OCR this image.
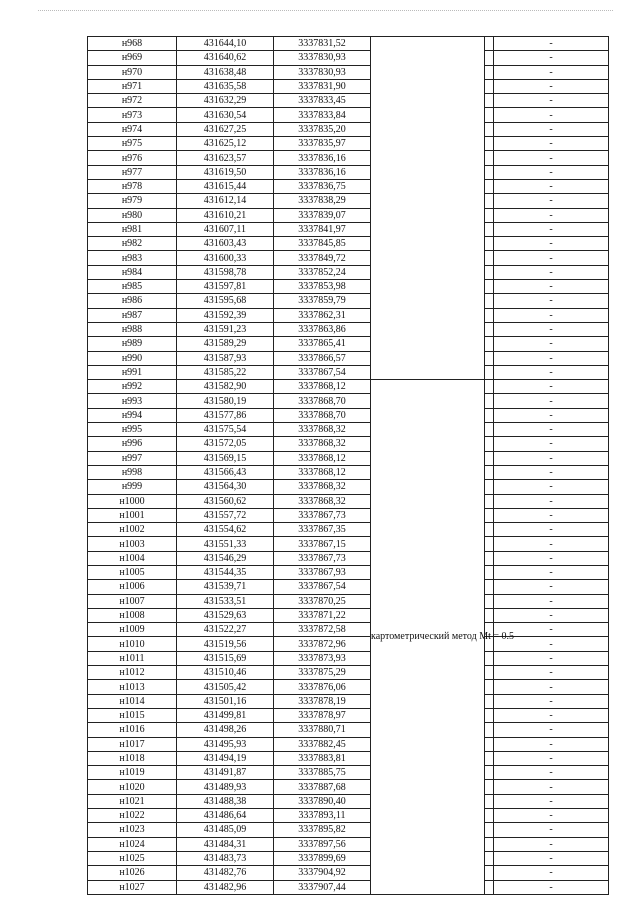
н968	431644,10	3337831,52			-
н969	431640,62	3337830,93			-
н970	431638,48	3337830,93			-
н971	431635,58	3337831,90			-
н972	431632,29	3337833,45			-
н973	431630,54	3337833,84			-
н974	431627,25	3337835,20			-
н975	431625,12	3337835,97			-
н976	431623,57	3337836,16			-
н977	431619,50	3337836,16			-
н978	431615,44	3337836,75			-
н979	431612,14	3337838,29			-
н980	431610,21	3337839,07			-
н981	431607,11	3337841,97			-
н982	431603,43	3337845,85			-
н983	431600,33	3337849,72			-
н984	431598,78	3337852,24			-
н985	431597,81	3337853,98			-
н986	431595,68	3337859,79			-
н987	431592,39	3337862,31			-
н988	431591,23	3337863,86			-
н989	431589,29	3337865,41			-
н990	431587,93	3337866,57			-
н991	431585,22	3337867,54			-
н992	431582,90	3337868,12	картометрический метод Mt = 0.5		-
н993	431580,19	3337868,70			-
н994	431577,86	3337868,70			-
н995	431575,54	3337868,32			-
н996	431572,05	3337868,32			-
н997	431569,15	3337868,12			-
н998	431566,43	3337868,12			-
н999	431564,30	3337868,32			-
н1000	431560,62	3337868,32			-
н1001	431557,72	3337867,73			-
н1002	431554,62	3337867,35			-
н1003	431551,33	3337867,15			-
н1004	431546,29	3337867,73			-
н1005	431544,35	3337867,93			-
н1006	431539,71	3337867,54			-
н1007	431533,51	3337870,25			-
н1008	431529,63	3337871,22			-
н1009	431522,27	3337872,58			-
н1010	431519,56	3337872,96			-
н1011	431515,69	3337873,93			-
н1012	431510,46	3337875,29			-
н1013	431505,42	3337876,06			-
н1014	431501,16	3337878,19			-
н1015	431499,81	3337878,97			-
н1016	431498,26	3337880,71			-
н1017	431495,93	3337882,45			-
н1018	431494,19	3337883,81			-
н1019	431491,87	3337885,75			-
н1020	431489,93	3337887,68			-
н1021	431488,38	3337890,40			-
н1022	431486,64	3337893,11			-
н1023	431485,09	3337895,82			-
н1024	431484,31	3337897,56			-
н1025	431483,73	3337899,69			-
н1026	431482,76	3337904,92			-
н1027	431482,96	3337907,44			-
